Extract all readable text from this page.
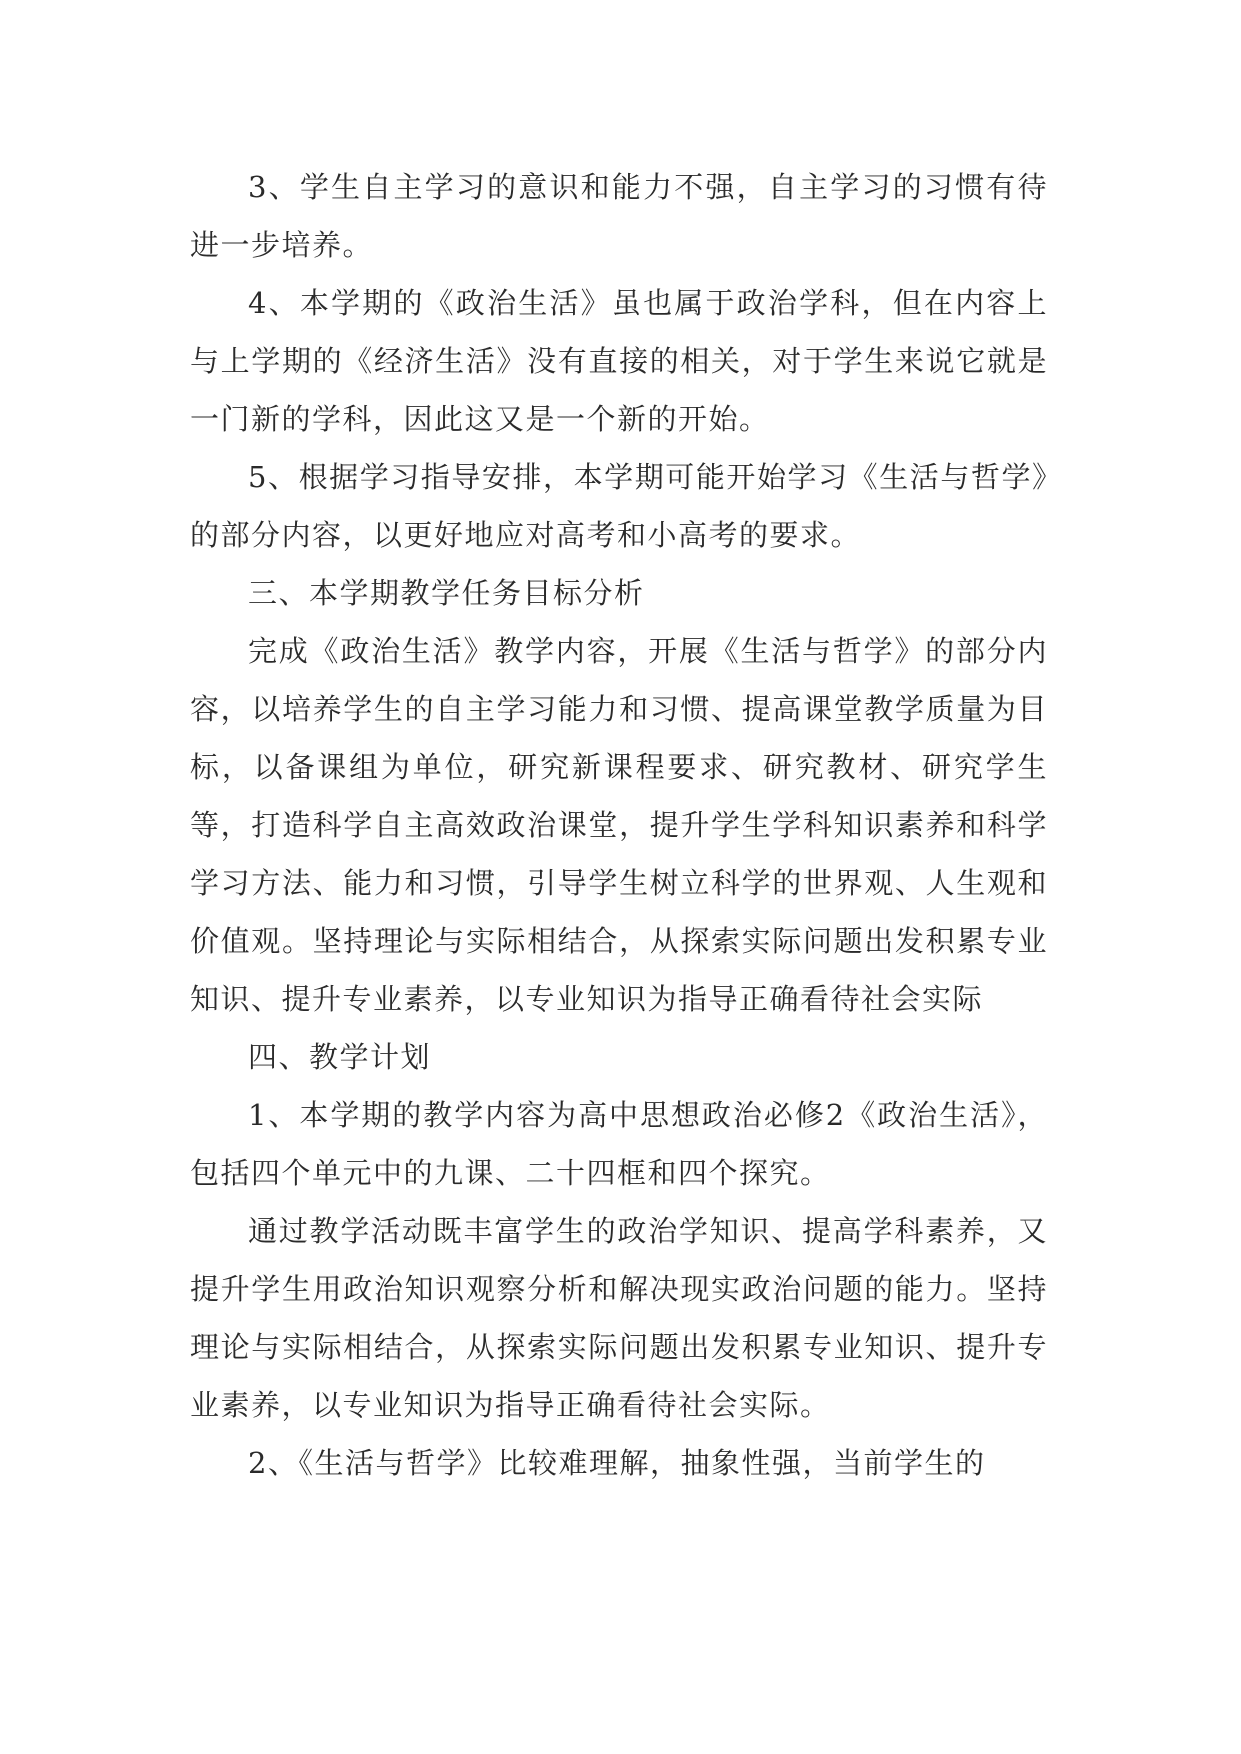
3、学生自主学习的意识和能力不强，自主学习的习惯有待进一步培养。

4、本学期的《政治生活》虽也属于政治学科，但在内容上与上学期的《经济生活》没有直接的相关，对于学生来说它就是一门新的学科，因此这又是一个新的开始。

5、根据学习指导安排，本学期可能开始学习《生活与哲学》的部分内容，以更好地应对高考和小高考的要求。

三、本学期教学任务目标分析

完成《政治生活》教学内容，开展《生活与哲学》的部分内容，以培养学生的自主学习能力和习惯、提高课堂教学质量为目标，以备课组为单位，研究新课程要求、研究教材、研究学生等，打造科学自主高效政治课堂，提升学生学科知识素养和科学学习方法、能力和习惯，引导学生树立科学的世界观、人生观和价值观。坚持理论与实际相结合，从探索实际问题出发积累专业知识、提升专业素养，以专业知识为指导正确看待社会实际

四、教学计划

1、本学期的教学内容为高中思想政治必修2《政治生活》，包括四个单元中的九课、二十四框和四个探究。

通过教学活动既丰富学生的政治学知识、提高学科素养，又提升学生用政治知识观察分析和解决现实政治问题的能力。坚持理论与实际相结合，从探索实际问题出发积累专业知识、提升专业素养，以专业知识为指导正确看待社会实际。

2、《生活与哲学》比较难理解，抽象性强，当前学生的
